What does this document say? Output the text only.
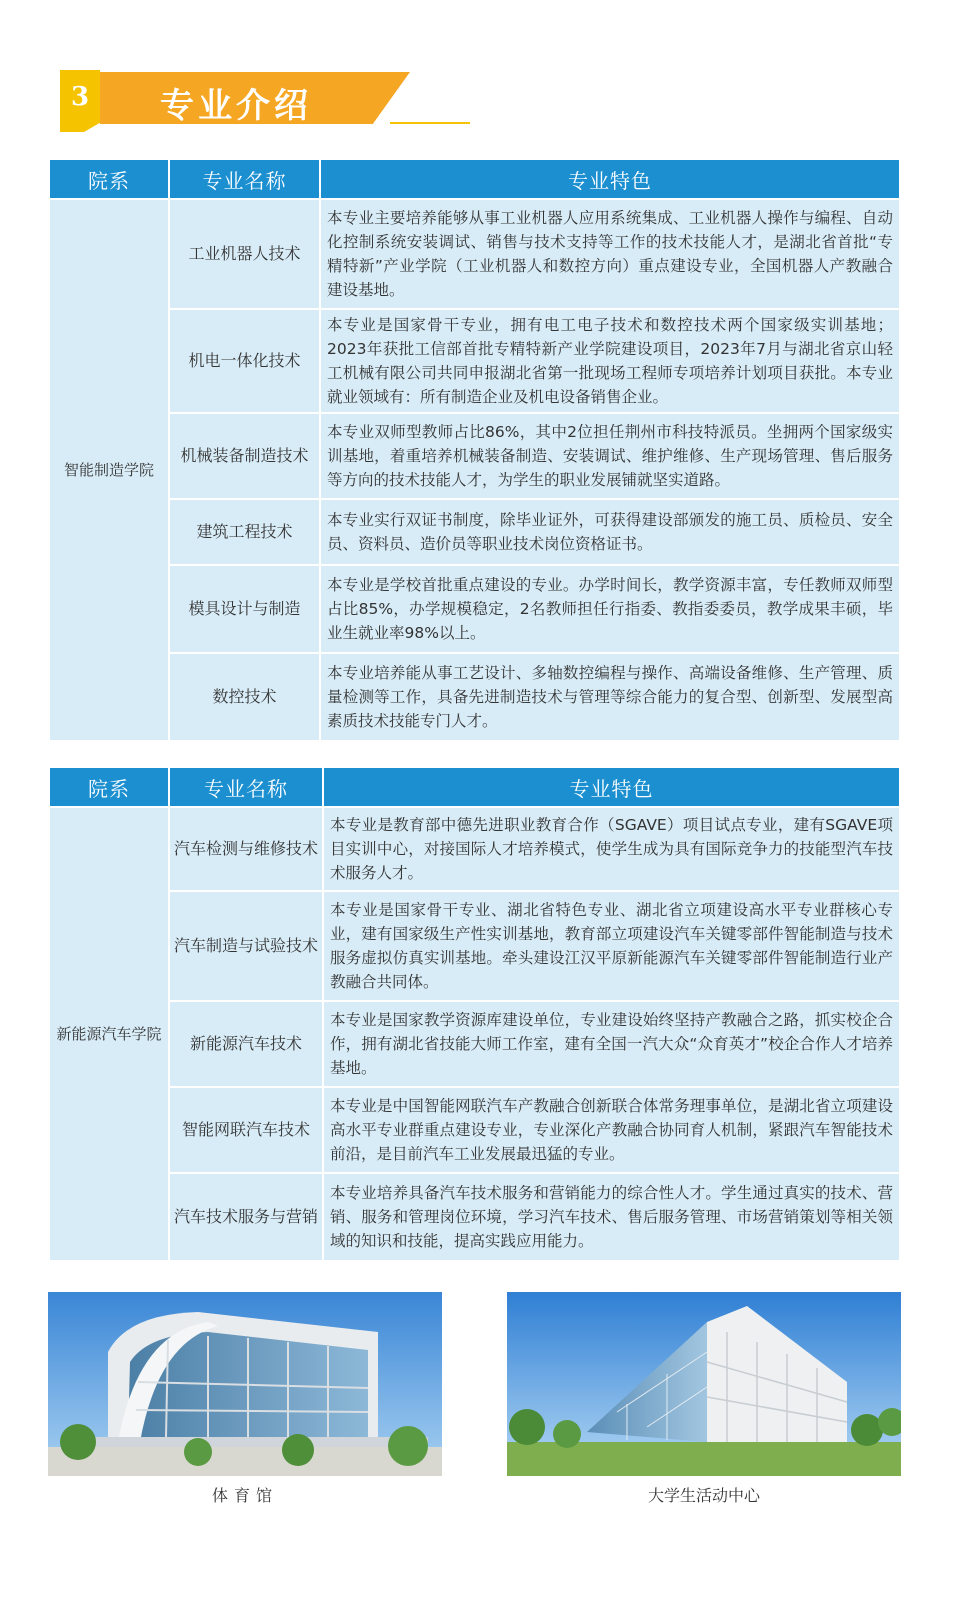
3	专业介绍
院系	专业名称	专业特色
智能制造学院	工业机器人技术	本专业主要培养能够从事工业机器人应用系统集成、工业机器人操作与编程、自动化控制系统安装调试、销售与技术支持等工作的技术技能人才，是湖北省首批“专精特新”产业学院（工业机器人和数控方向）重点建设专业，全国机器人产教融合建设基地。
	机电一体化技术	本专业是国家骨干专业，拥有电工电子技术和数控技术两个国家级实训基地；2023年获批工信部首批专精特新产业学院建设项目，2023年7月与湖北省京山轻工机械有限公司共同申报湖北省第一批现场工程师专项培养计划项目获批。本专业就业领域有：所有制造企业及机电设备销售企业。
	机械装备制造技术	本专业双师型教师占比86%，其中2位担任荆州市科技特派员。坐拥两个国家级实训基地，着重培养机械装备制造、安装调试、维护维修、生产现场管理、售后服务等方向的技术技能人才，为学生的职业发展铺就坚实道路。
	建筑工程技术	本专业实行双证书制度，除毕业证外，可获得建设部颁发的施工员、质检员、安全员、资料员、造价员等职业技术岗位资格证书。
	模具设计与制造	本专业是学校首批重点建设的专业。办学时间长，教学资源丰富，专任教师双师型占比85%，办学规模稳定，2名教师担任行指委、教指委委员，教学成果丰硕，毕业生就业率98%以上。
	数控技术	本专业培养能从事工艺设计、多轴数控编程与操作、高端设备维修、生产管理、质量检测等工作，具备先进制造技术与管理等综合能力的复合型、创新型、发展型高素质技术技能专门人才。
院系	专业名称	专业特色
新能源汽车学院	汽车检测与维修技术	本专业是教育部中德先进职业教育合作（SGAVE）项目试点专业，建有SGAVE项目实训中心，对接国际人才培养模式，使学生成为具有国际竞争力的技能型汽车技术服务人才。
	汽车制造与试验技术	本专业是国家骨干专业、湖北省特色专业、湖北省立项建设高水平专业群核心专业，建有国家级生产性实训基地，教育部立项建设汽车关键零部件智能制造与技术服务虚拟仿真实训基地。牵头建设江汉平原新能源汽车关键零部件智能制造行业产教融合共同体。
	新能源汽车技术	本专业是国家教学资源库建设单位，专业建设始终坚持产教融合之路，抓实校企合作，拥有湖北省技能大师工作室，建有全国一汽大众“众育英才”校企合作人才培养基地。
	智能网联汽车技术	本专业是中国智能网联汽车产教融合创新联合体常务理事单位，是湖北省立项建设高水平专业群重点建设专业，专业深化产教融合协同育人机制，紧跟汽车智能技术前沿，是目前汽车工业发展最迅猛的专业。
	汽车技术服务与营销	本专业培养具备汽车技术服务和营销能力的综合性人才。学生通过真实的技术、营销、服务和管理岗位环境，学习汽车技术、售后服务管理、市场营销策划等相关领域的知识和技能，提高实践应用能力。
体育馆	大学生活动中心
